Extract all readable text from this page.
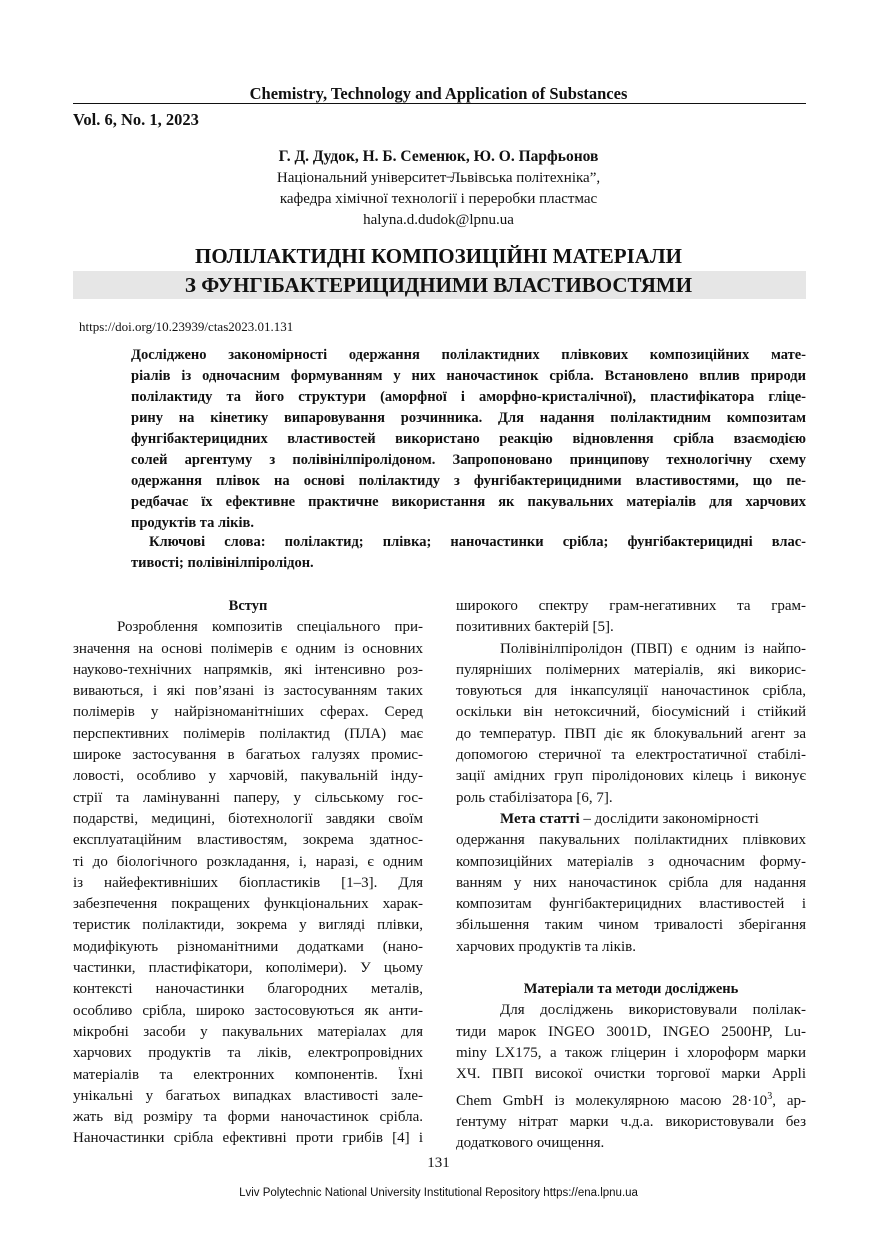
Chemistry, Technology and Application of Substances
Vol. 6, No. 1, 2023
Г. Д. Дудок, Н. Б. Семенюк, Ю. О. Парфьонов
Національний університет ̶Львівська політехніка”,
кафедра хімічної технології і переробки пластмас
halyna.d.dudok@lpnu.ua
ПОЛІЛАКТИДНІ КОМПОЗИЦІЙНІ МАТЕРІАЛИ
З ФУНГІБАКТЕРИЦИДНИМИ ВЛАСТИВОСТЯМИ
https://doi.org/10.23939/ctas2023.01.131
Досліджено закономірності одержання полілактидних плівкових композиційних мате-
ріалів із одночасним формуванням у них наночастинок срібла. Встановлено вплив природи
полілактиду та його структури (аморфної і аморфно-кристалічної), пластифікатора гліце-
рину на кінетику випаровування розчинника. Для надання полілактидним композитам
фунгібактерицидних властивостей використано реакцію відновлення срібла взаємодією
солей аргентуму з полівінілпіролідоном. Запропоновано принципову технологічну схему
одержання плівок на основі полілактиду з фунгібактерицидними властивостями, що пе-
редбачає їх ефективне практичне використання як пакувальних матеріалів для харчових
продуктів та ліків.
Ключові слова: полілактид; плівка; наночастинки срібла; фунгібактерицидні влас-
тивості; полівінілпіролідон.
Вступ
Розроблення композитів спеціального при-
значення на основі полімерів є одним із основних
науково-технічних напрямків, які інтенсивно роз-
виваються, і які пов’язані із застосуванням таких
полімерів у найрізноманітніших сферах. Серед
перспективних полімерів полілактид (ПЛА) має
широке застосування в багатьох галузях промис-
ловості, особливо у харчовій, пакувальній інду-
стрії та ламінуванні паперу, у сільському гос-
подарстві, медицині, біотехнології завдяки своїм
експлуатаційним властивостям, зокрема здатнос-
ті до біологічного розкладання, і, наразі, є одним
із найефективніших біопластиків [1–3]. Для
забезпечення покращених функціональних харак-
теристик полілактиди, зокрема у вигляді плівки,
модифікують різноманітними додатками (нано-
частинки, пластифікатори, кополімери). У цьому
контексті наночастинки благородних металів,
особливо срібла, широко застосовуються як анти-
мікробні засоби у пакувальних матеріалах для
харчових продуктів та ліків, електропровідних
матеріалів та електронних компонентів. Їхні
унікальні у багатьох випадках властивості зале-
жать від розміру та форми наночастинок срібла.
Наночастинки срібла ефективні проти грибів [4] і
широкого спектру грам-негативних та грам-
позитивних бактерій [5].
Полівінілпіролідон (ПВП) є одним із найпо-
пулярніших полімерних матеріалів, які викорис-
товуються для інкапсуляції наночастинок срібла,
оскільки він нетоксичний, біосумісний і стійкий
до температур. ПВП діє як блокувальний агент за
допомогою стеричної та електростатичної стабілі-
зації амідних груп піролідонових кілець і виконує
роль стабілізатора [6, 7].
Мета статті – дослідити закономірності
одержання пакувальних полілактидних плівкових
композиційних матеріалів з одночасним форму-
ванням у них наночастинок срібла для надання
композитам фунгібактерицидних властивостей і
збільшення таким чином тривалості зберігання
харчових продуктів та ліків.
Матеріали та методи досліджень
Для досліджень використовували полілак-
тиди марок INGEO 3001D, INGEO 2500HP, Lu-
miny LX175, а також гліцерин і хлороформ марки
ХЧ. ПВП високої очистки торгової марки Appli
Chem GmbH із молекулярною масою $28\cdot 10^3$, ар-
ґентуму нітрат марки ч.д.а. використовували без
додаткового очищення.
131
Lviv Polytechnic National University Institutional Repository https://ena.lpnu.ua
